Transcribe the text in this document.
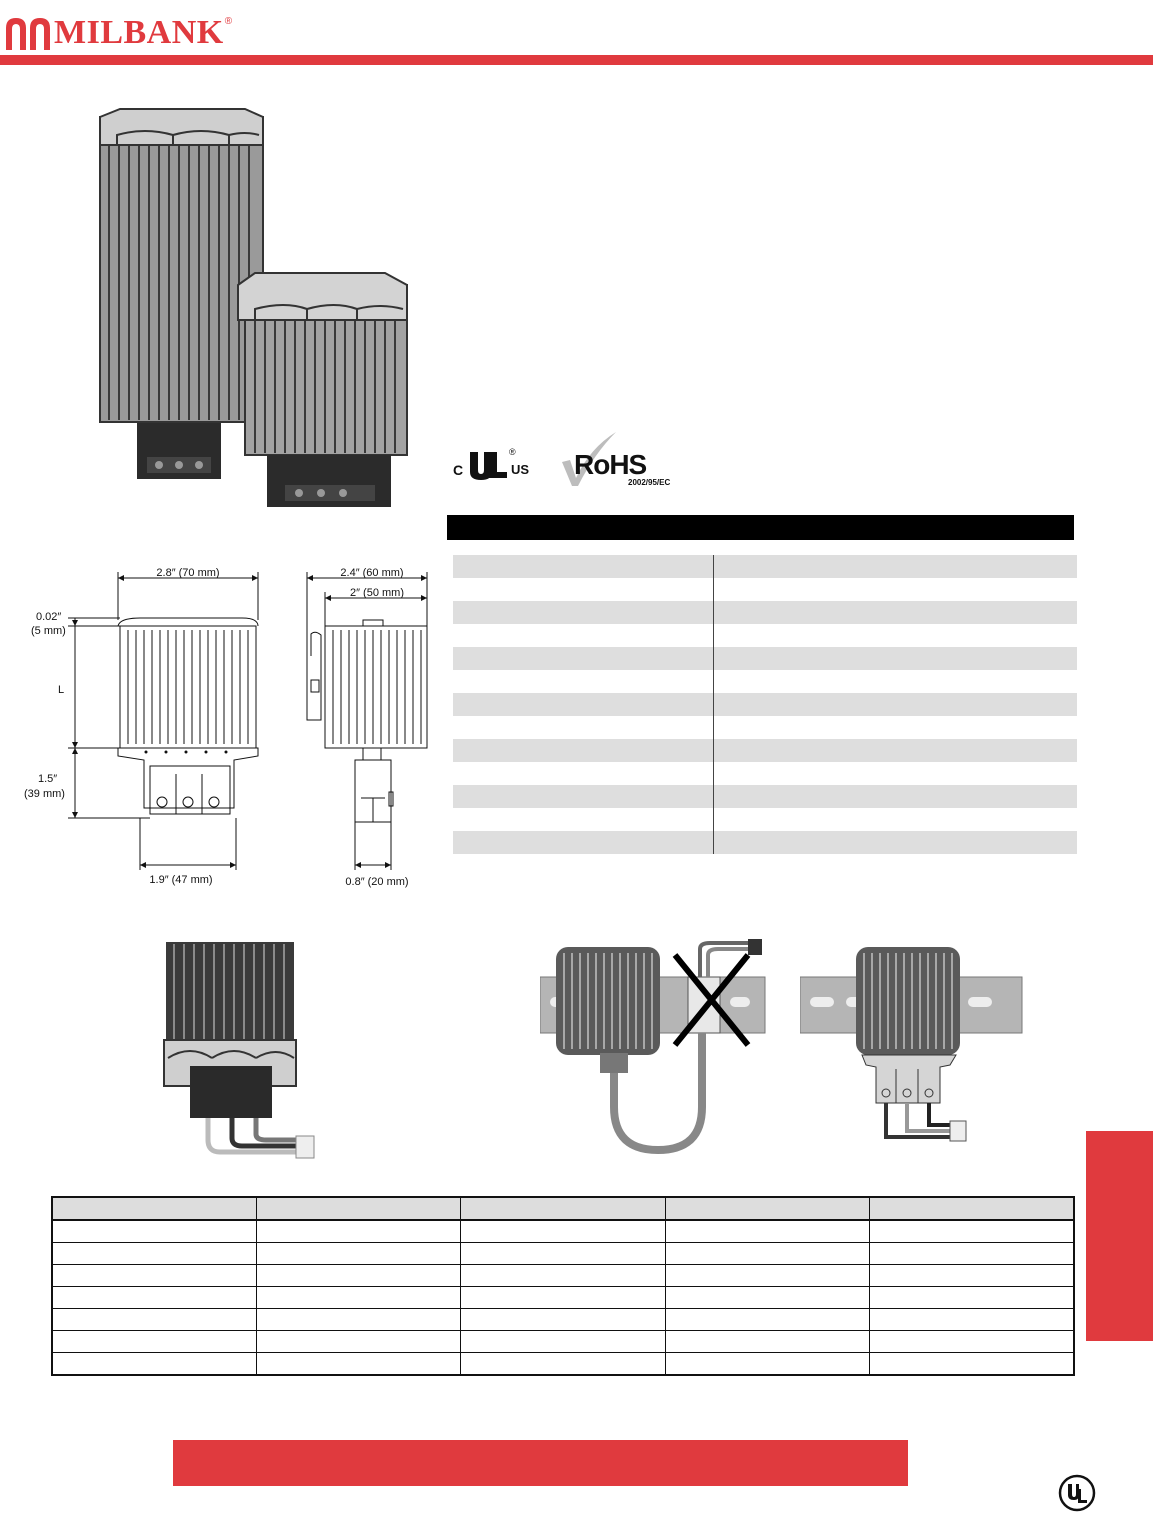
MILBANK ®
C
®
US RoHS
2002/95/EC
2.8″ (70 mm)
0.02″
(5 mm)
L
1.5″
(39 mm)
1.9″ (47 mm)
2.4″ (60 mm)
2″ (50 mm)
0.8″ (20 mm)
